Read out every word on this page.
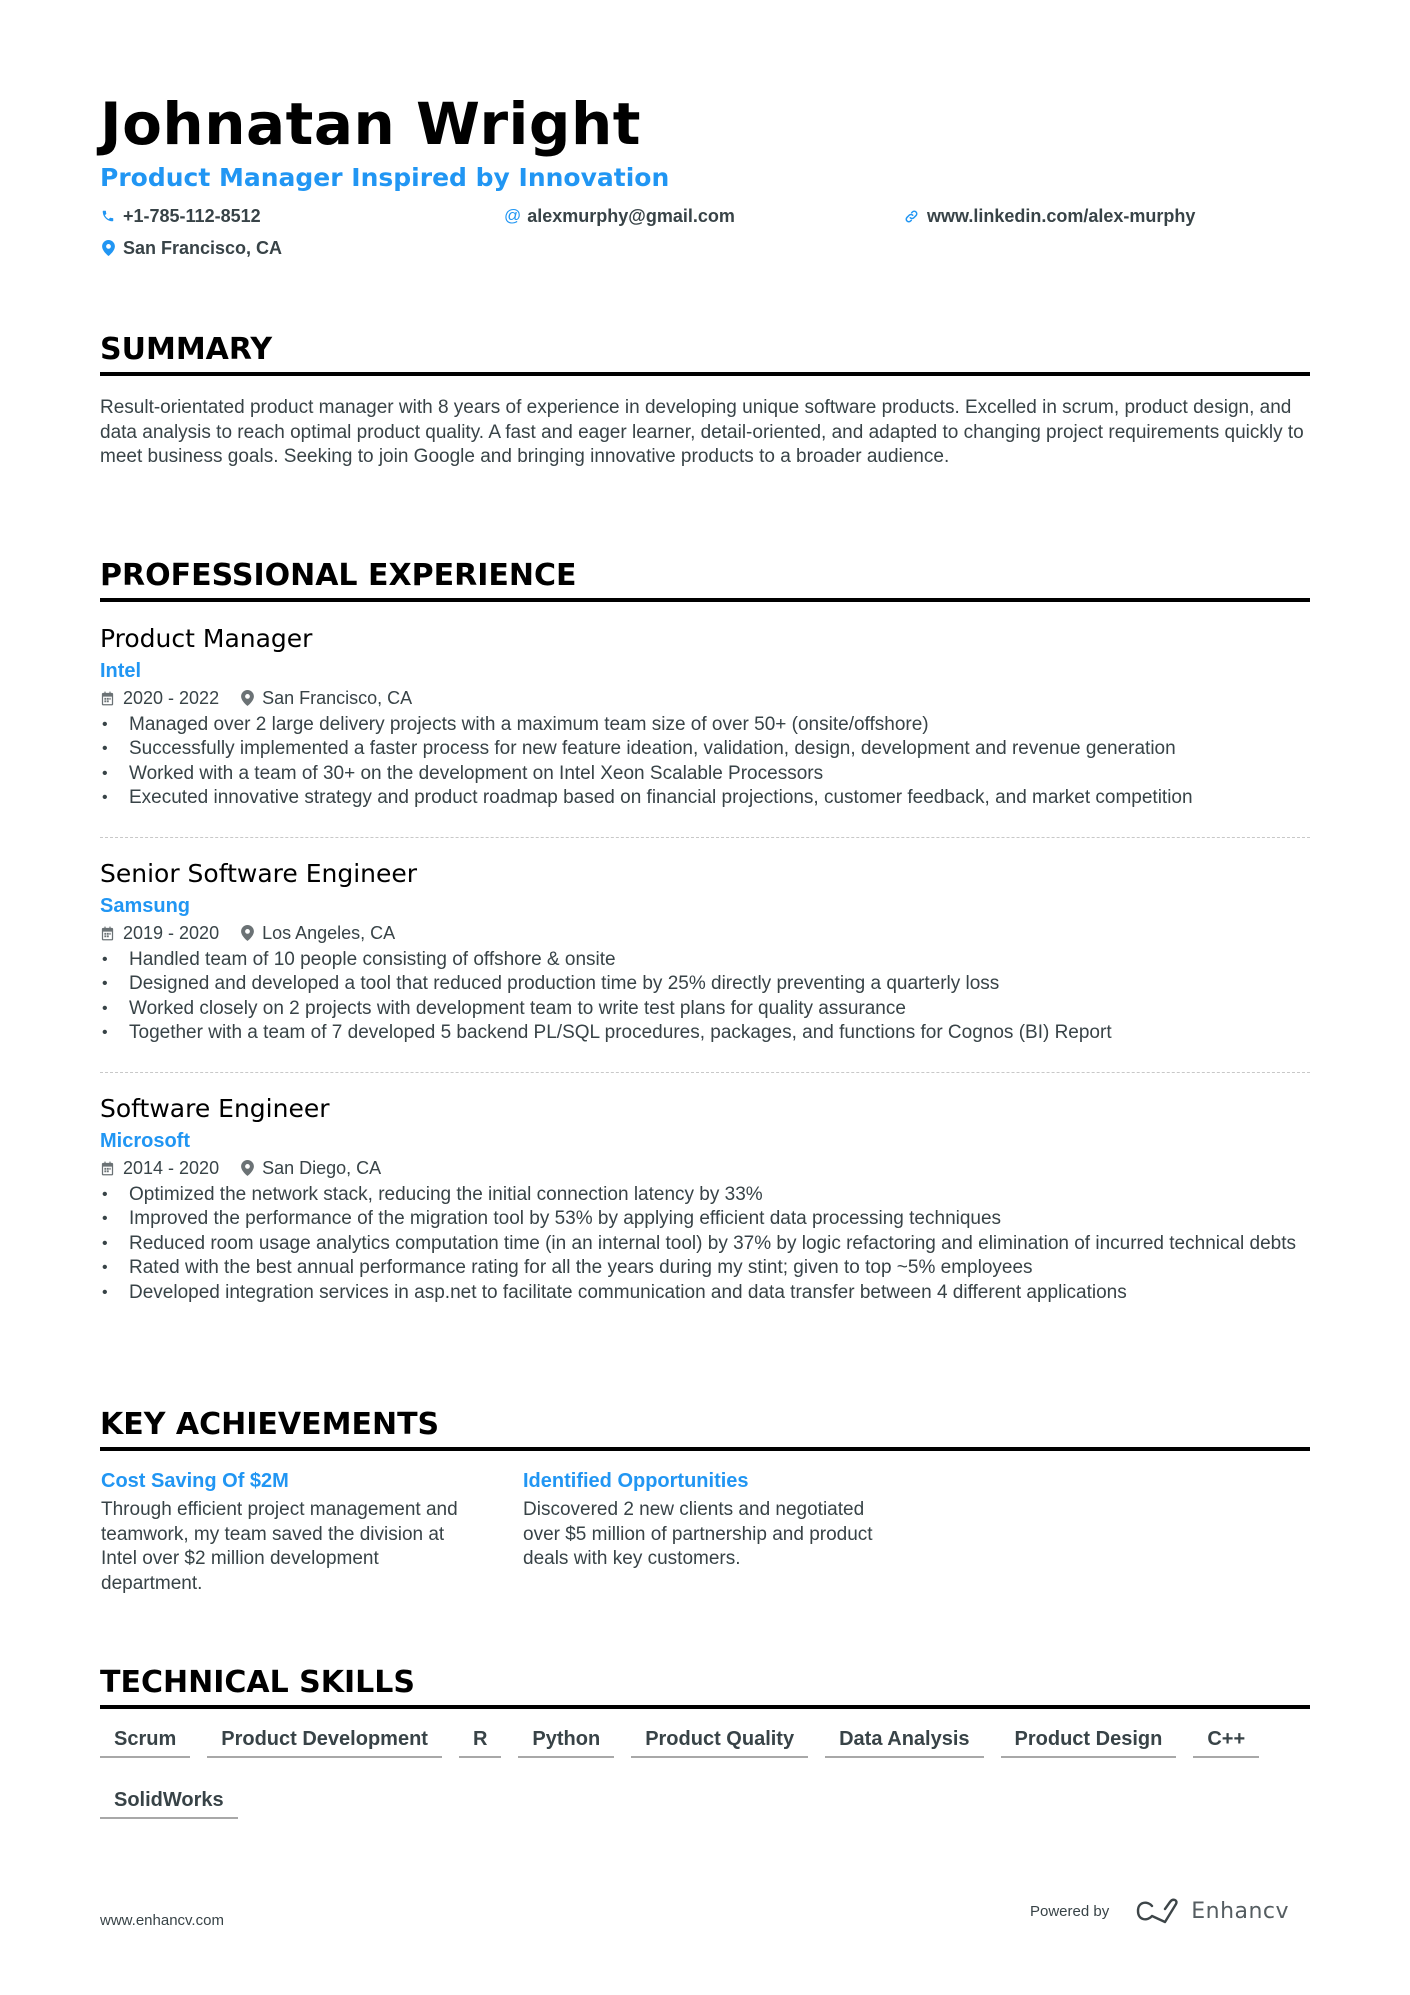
Johnatan Wright
Product Manager Inspired by Innovation
+1-785-112-8512	@ alexmurphy@gmail.com	www.linkedin.com/alex-murphy
San Francisco, CA
SUMMARY
Result-orientated product manager with 8 years of experience in developing unique software products. Excelled in scrum, product design, and data analysis to reach optimal product quality. A fast and eager learner, detail-oriented, and adapted to changing project requirements quickly to meet business goals. Seeking to join Google and bringing innovative products to a broader audience.
PROFESSIONAL EXPERIENCE
Product Manager
Intel
2020 - 2022 San Francisco, CA
• Managed over 2 large delivery projects with a maximum team size of over 50+ (onsite/offshore)
• Successfully implemented a faster process for new feature ideation, validation, design, development and revenue generation
• Worked with a team of 30+ on the development on Intel Xeon Scalable Processors
• Executed innovative strategy and product roadmap based on financial projections, customer feedback, and market competition
Senior Software Engineer
Samsung
2019 - 2020 Los Angeles, CA
• Handled team of 10 people consisting of offshore & onsite
• Designed and developed a tool that reduced production time by 25% directly preventing a quarterly loss
• Worked closely on 2 projects with development team to write test plans for quality assurance
• Together with a team of 7 developed 5 backend PL/SQL procedures, packages, and functions for Cognos (BI) Report
Software Engineer
Microsoft
2014 - 2020 San Diego, CA
• Optimized the network stack, reducing the initial connection latency by 33%
• Improved the performance of the migration tool by 53% by applying efficient data processing techniques
• Reduced room usage analytics computation time (in an internal tool) by 37% by logic refactoring and elimination of incurred technical debts
• Rated with the best annual performance rating for all the years during my stint; given to top ~5% employees
• Developed integration services in asp.net to facilitate communication and data transfer between 4 different applications
KEY ACHIEVEMENTS
Cost Saving Of $2M
Through efficient project management and teamwork, my team saved the division at Intel over $2 million development department.
Identified Opportunities
Discovered 2 new clients and negotiated over $5 million of partnership and product deals with key customers.
TECHNICAL SKILLS
Scrum	Product Development	R	Python	Product Quality	Data Analysis	Product Design	C++
SolidWorks
www.enhancv.com
Powered by	Enhancv
